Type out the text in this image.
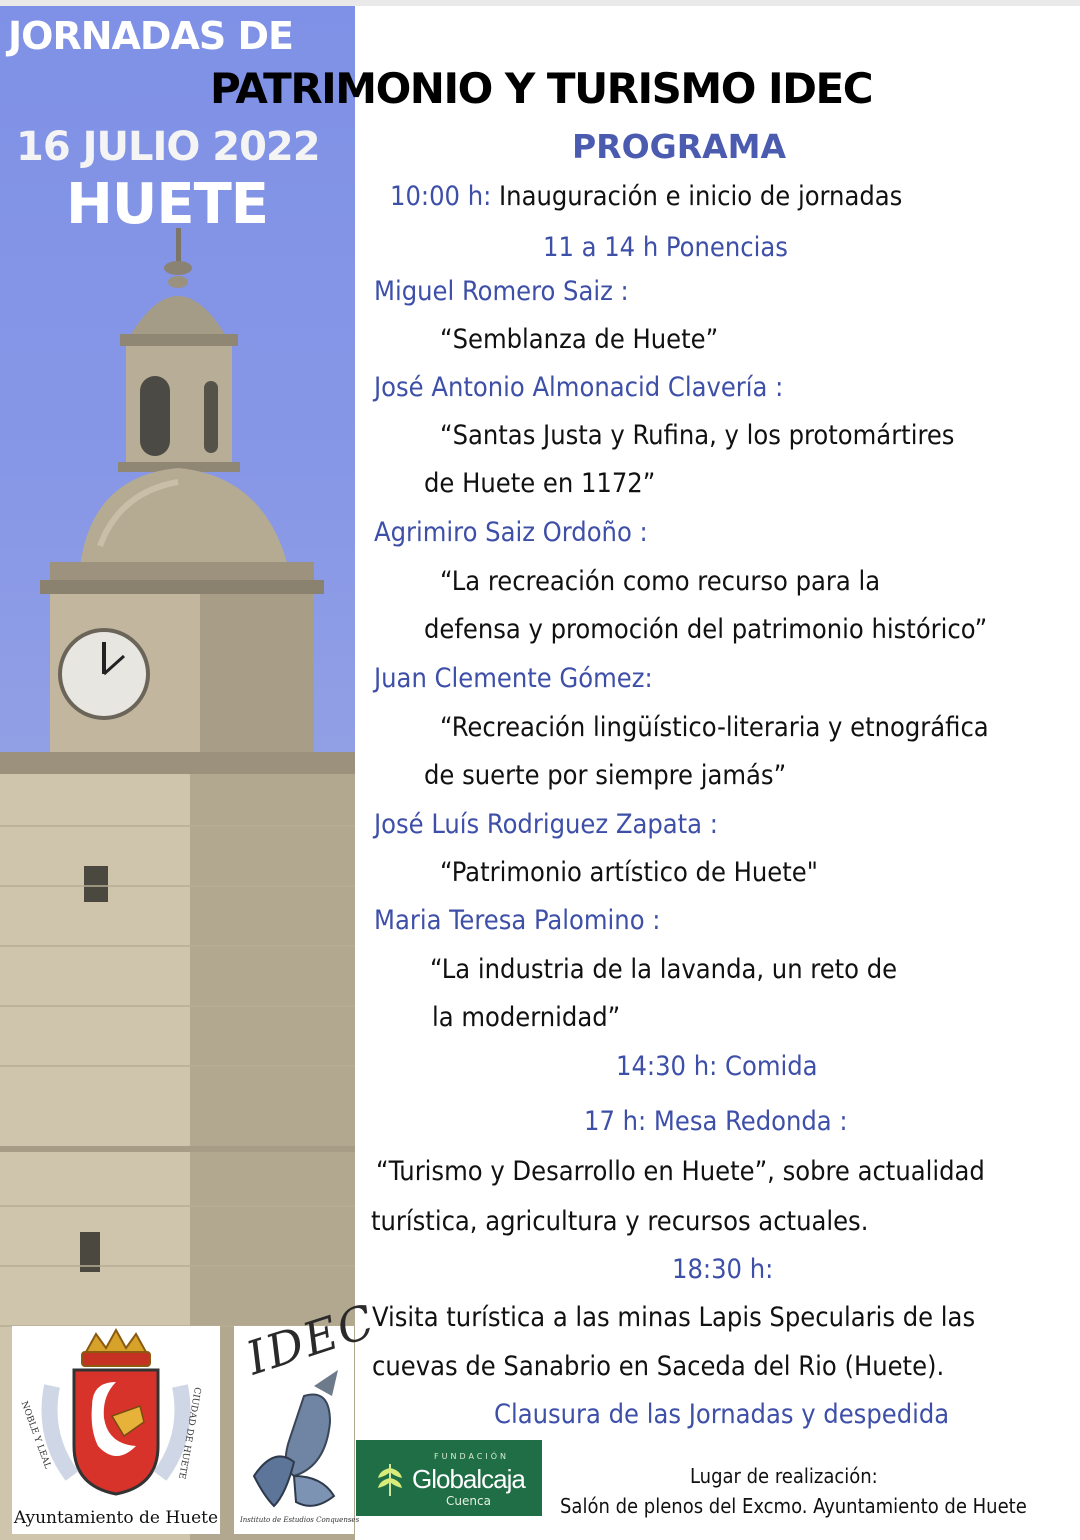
JORNADAS DE
16 JULIO 2022
HUETE
PATRIMONIO Y TURISMO IDEC
PROGRAMA
10:00 h: Inauguración e inicio de jornadas
11 a 14 h Ponencias
Miguel Romero Saiz :
“Semblanza de Huete”
José Antonio Almonacid Clavería :
“Santas Justa y Rufina, y los protomártires
de Huete en 1172”
Agrimiro Saiz Ordoño :
“La recreación como recurso para la
defensa y promoción del patrimonio histórico”
Juan Clemente Gómez:
“Recreación lingüístico-literaria y etnográfica
de suerte por siempre jamás”
José Luís Rodriguez Zapata :
“Patrimonio artístico de Huete"
Maria Teresa Palomino :
“La industria de la lavanda, un reto de
la modernidad”
14:30 h: Comida
17 h: Mesa Redonda :
“Turismo y Desarrollo en Huete”, sobre actualidad
turística, agricultura y recursos actuales.
18:30 h:
Visita turística a las minas Lapis Specularis de las
cuevas de Sanabrio en Saceda del Rio (Huete).
Clausura de las Jornadas y despedida
NOBLE Y LEAL	CIUDAD DE HUETE
Ayuntamiento de Huete
IDEC
Instituto de Estudios Conquenses
FUNDACIÓN
Globalcaja
Cuenca
Lugar de realización:
Salón de plenos del Excmo. Ayuntamiento de Huete
